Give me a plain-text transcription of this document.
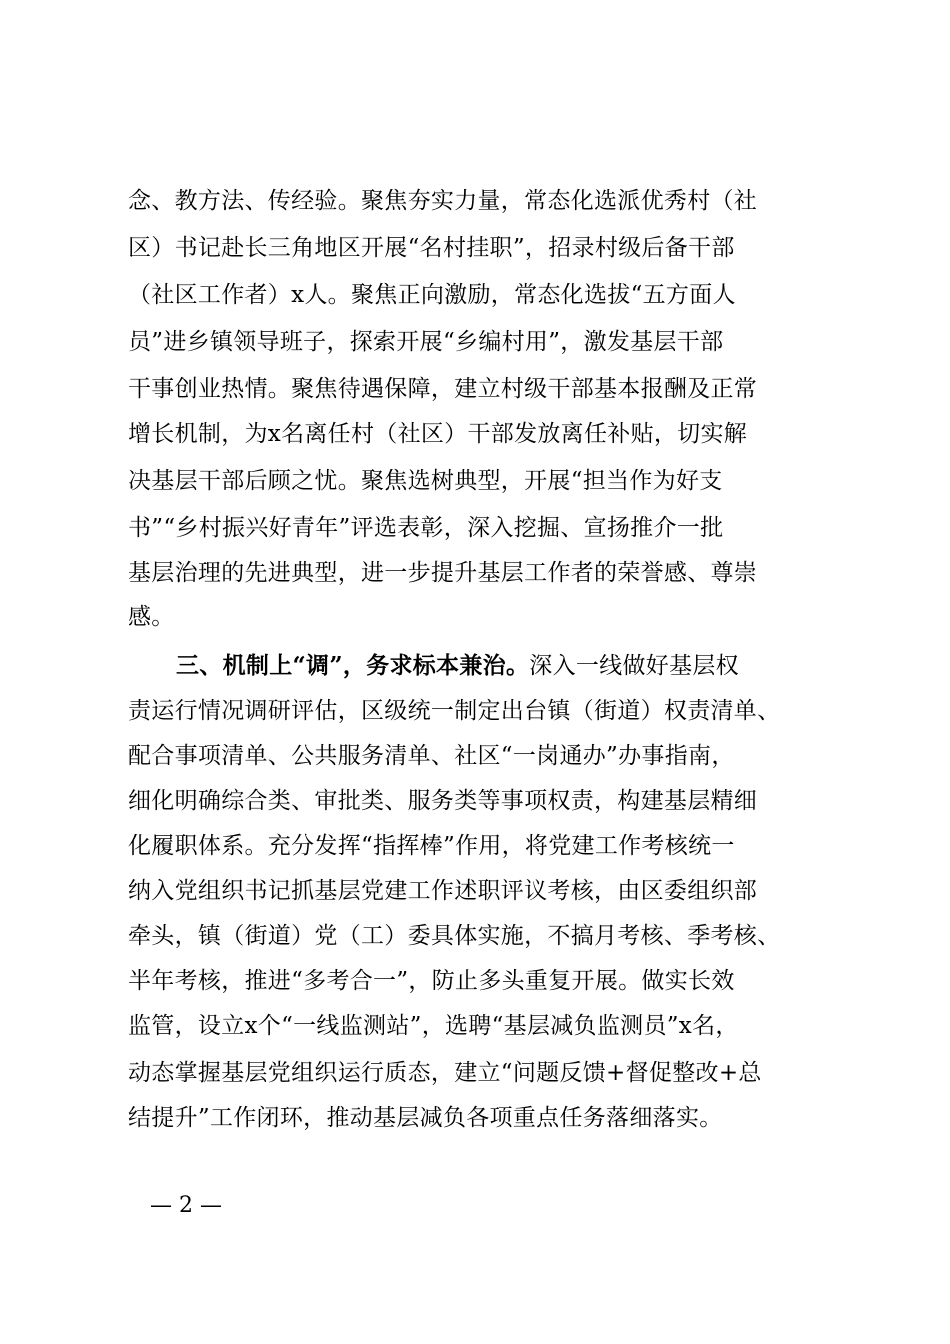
念、教方法、传经验。聚焦夯实力量，常态化选派优秀村（社
区）书记赴长三角地区开展“名村挂职”，招录村级后备干部
（社区工作者）x人。聚焦正向激励，常态化选拔“五方面人
员”进乡镇领导班子，探索开展“乡编村用”，激发基层干部
干事创业热情。聚焦待遇保障，建立村级干部基本报酬及正常
增长机制，为x名离任村（社区）干部发放离任补贴，切实解
决基层干部后顾之忧。聚焦选树典型，开展“担当作为好支
书”“乡村振兴好青年”评选表彰，深入挖掘、宣扬推介一批
基层治理的先进典型，进一步提升基层工作者的荣誉感、尊崇
感。
三、机制上“调”，务求标本兼治。深入一线做好基层权
责运行情况调研评估，区级统一制定出台镇（街道）权责清单、
配合事项清单、公共服务清单、社区“一岗通办”办事指南，
细化明确综合类、审批类、服务类等事项权责，构建基层精细
化履职体系。充分发挥“指挥棒”作用，将党建工作考核统一
纳入党组织书记抓基层党建工作述职评议考核，由区委组织部
牵头，镇（街道）党（工）委具体实施，不搞月考核、季考核、
半年考核，推进“多考合一”，防止多头重复开展。做实长效
监管，设立x个“一线监测站”，选聘“基层减负监测员”x名，
动态掌握基层党组织运行质态，建立“问题反馈+督促整改+总
结提升”工作闭环，推动基层减负各项重点任务落细落实。
— 2 —
